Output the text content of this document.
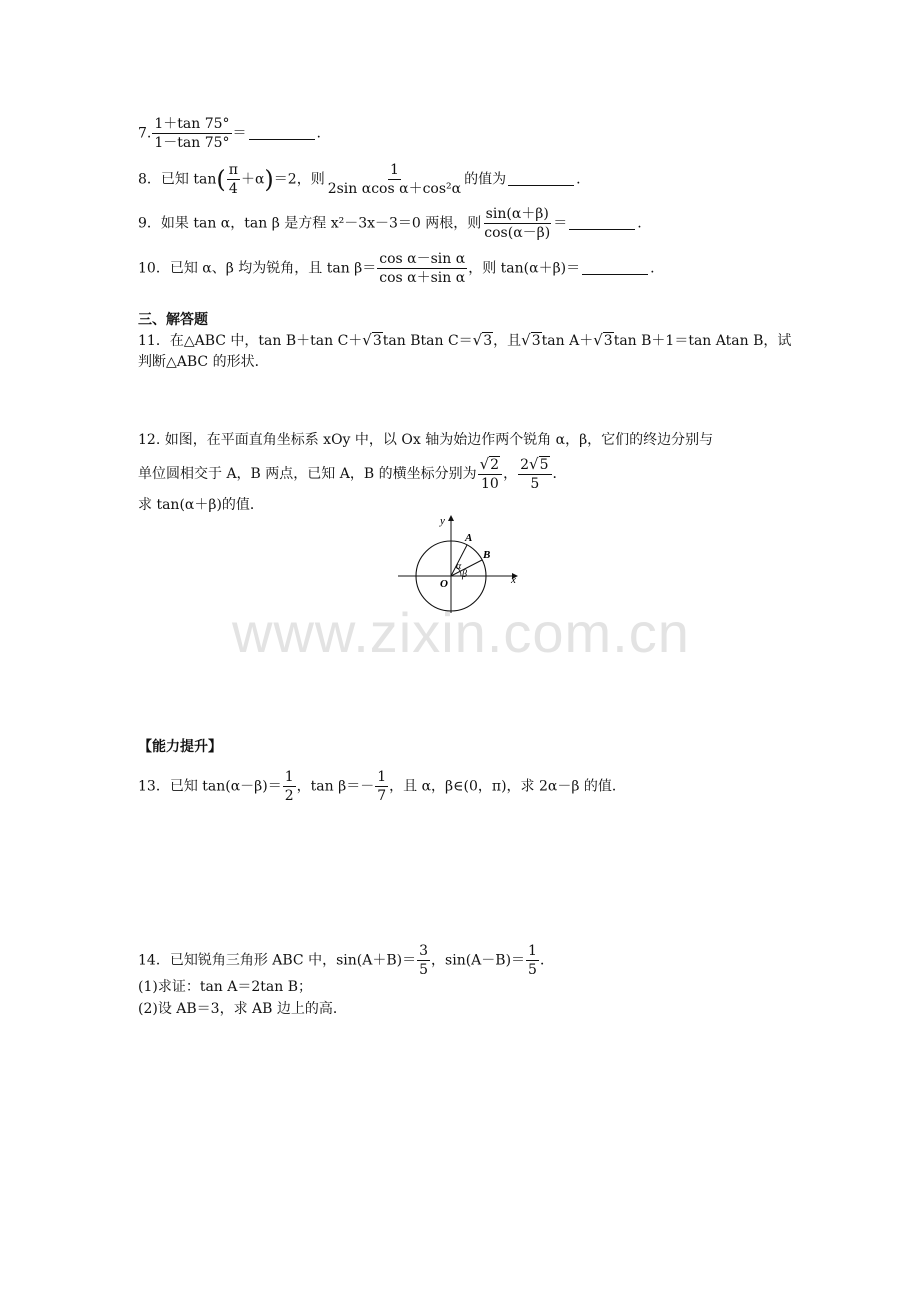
7. $\frac{1+\tan 75^\circ}{1-\tan 75^\circ}$ ＝	.
8．已知 $\tan( \frac{\pi}{4} +\alpha)=2$，则 $\frac{1}{\text{2sin αcos α＋cos²α}}$ 的值为	.
9．如果 tan α，tan β 是方程 x²－3x－3＝0 两根，则 $\frac{\sin(\alpha+\beta)}{\cos(\alpha-\beta)}$ ＝	.
10．已知 α、β 均为锐角，且 $\tan \beta= \frac{\text{cos α－sin α}}{\text{cos α＋sin α}}$ ，则 tan(α＋β)＝	.
三、解答题
11．在△ABC 中，tan B＋tan C＋√3tan Btan C＝√3，且√3tan A＋√3tan B＋1＝tan Atan B，试
判断△ABC 的形状．
12. 如图，在平面直角坐标系 xOy 中，以 Ox 轴为始边作两个锐角 α，β，它们的终边分别与
单位圆相交于 A，B 两点，已知 A，B 的横坐标分别为 $\frac{√2}{10}$ ， $\frac{2√5}{5}$ ．
求 tan(α＋β)的值．
y
x
O
A
B
α
β
www.zixin.com.cn
【能力提升】
13．已知 $\tan(\alpha-\beta)= \frac{1}{2}$ ，$\tan \beta=- \frac{1}{7}$ ，且 α，β∈(0，π)，求 2α－β 的值．
14．已知锐角三角形 ABC 中，$\sin(A+B)= \frac{3}{5}$ ，$\sin(A-B)= \frac{1}{5}$ ．
(1)求证：tan A＝2tan B；
(2)设 AB＝3，求 AB 边上的高．
